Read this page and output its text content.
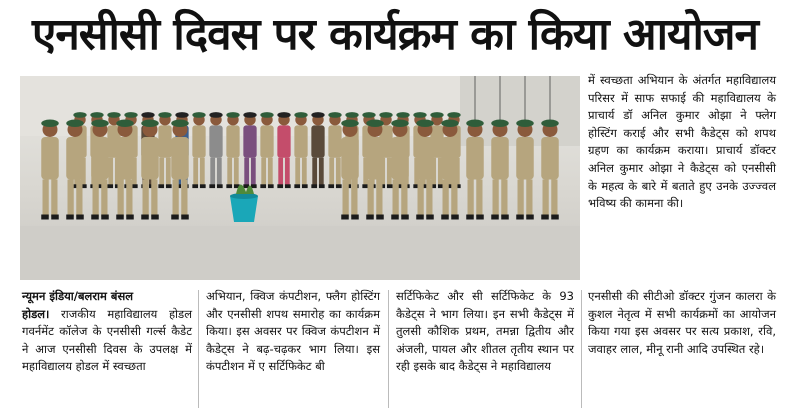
एनसीसी दिवस पर कार्यक्रम का किया आयोजन

में स्वच्छता अभियान के अंतर्गत महाविद्यालय परिसर में साफ सफाई की महाविद्यालय के प्राचार्य डॉ अनिल कुमार ओझा ने फ्लेग होस्टिंग कराई और सभी कैडेट्स को शपथ ग्रहण का कार्यक्रम कराया। प्राचार्य डॉक्टर अनिल कुमार ओझा ने कैडेट्स को एनसीसी के महत्व के बारे में बताते हुए उनके उज्ज्वल भविष्य की कामना की।

न्यूमन इंडिया/बलराम बंसल
होडल। राजकीय महाविद्यालय होडल गवर्नमेंट कॉलेज के एनसीसी गर्ल्स कैडेट ने आज एनसीसी दिवस के उपलक्ष में महाविद्यालय होडल में स्वच्छता

अभियान, क्विज कंपटीशन, फ्लैग होस्टिंग और एनसीसी शपथ समारोह का कार्यक्रम किया। इस अवसर पर क्विज कंपटीशन में कैडेट्स ने बढ़-चढ़कर भाग लिया। इस कंपटीशन में ए सर्टिफिकेट बी

सर्टिफिकेट और सी सर्टिफिकेट के 93 कैडेट्स ने भाग लिया। इन सभी कैडेट्स में तुलसी कौशिक प्रथम, तमन्ना द्वितीय और अंजली, पायल और शीतल तृतीय स्थान पर रही इसके बाद कैडेट्स ने महाविद्यालय

एनसीसी की सीटीओ डॉक्टर गुंजन कालरा के कुशल नेतृत्व में सभी कार्यक्रमों का आयोजन किया गया इस अवसर पर सत्य प्रकाश, रवि, जवाहर लाल, मीनू रानी आदि उपस्थित रहे।
